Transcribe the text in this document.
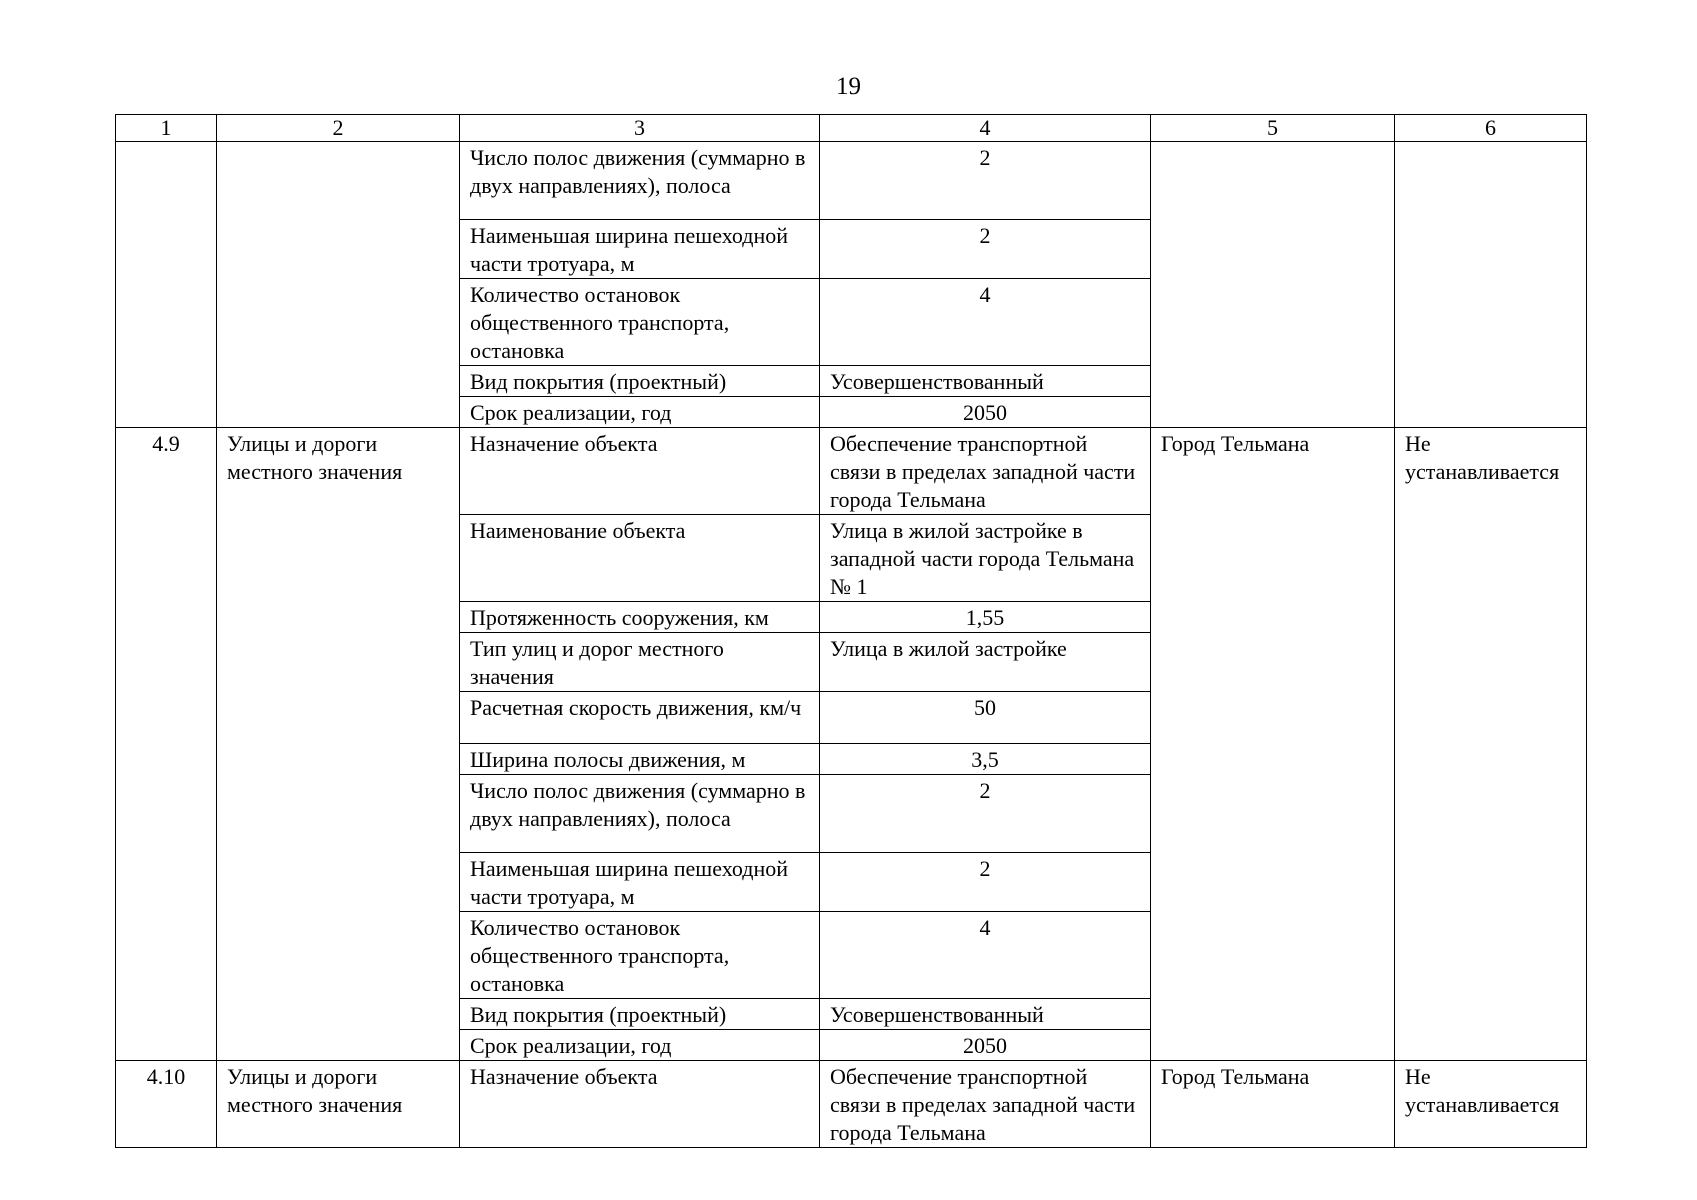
19
1	2	3	4	5	6
		Число полос движения (суммарно в двух направлениях), полоса	2		
		Наименьшая ширина пешеходной части тротуара, м	2		
		Количество остановок общественного транспорта, остановка	4		
		Вид покрытия (проектный)	Усовершенствованный		
		Срок реализации, год	2050		
4.9	Улицы и дороги местного значения	Назначение объекта	Обеспечение транспортной связи в пределах западной части города Тельмана	Город Тельмана	Не устанавливается
		Наименование объекта	Улица в жилой застройке в западной части города Тельмана № 1		
		Протяженность сооружения, км	1,55		
		Тип улиц и дорог местного значения	Улица в жилой застройке		
		Расчетная скорость движения, км/ч	50		
		Ширина полосы движения, м	3,5		
		Число полос движения (суммарно в двух направлениях), полоса	2		
		Наименьшая ширина пешеходной части тротуара, м	2		
		Количество остановок общественного транспорта, остановка	4		
		Вид покрытия (проектный)	Усовершенствованный		
		Срок реализации, год	2050		
4.10	Улицы и дороги местного значения	Назначение объекта	Обеспечение транспортной связи в пределах западной части города Тельмана	Город Тельмана	Не устанавливается
